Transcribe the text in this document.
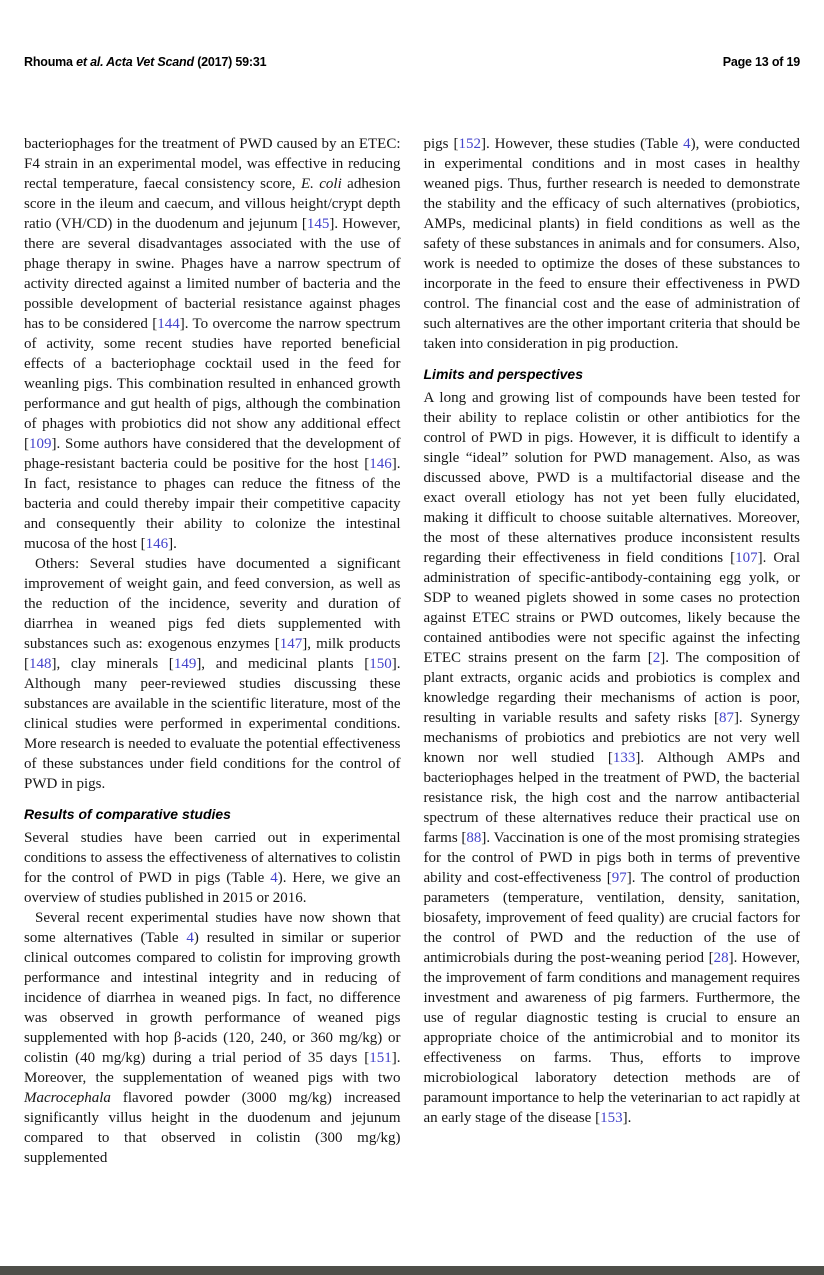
Rhouma et al. Acta Vet Scand (2017) 59:31	Page 13 of 19

bacteriophages for the treatment of PWD caused by an ETEC: F4 strain in an experimental model, was effective in reducing rectal temperature, faecal consistency score, E. coli adhesion score in the ileum and caecum, and villous height/crypt depth ratio (VH/CD) in the duodenum and jejunum [145]. However, there are several disadvantages associated with the use of phage therapy in swine. Phages have a narrow spectrum of activity directed against a limited number of bacteria and the possible development of bacterial resistance against phages has to be considered [144]. To overcome the narrow spectrum of activity, some recent studies have reported beneficial effects of a bacteriophage cocktail used in the feed for weanling pigs. This combination resulted in enhanced growth performance and gut health of pigs, although the combination of phages with probiotics did not show any additional effect [109]. Some authors have considered that the development of phage-resistant bacteria could be positive for the host [146]. In fact, resistance to phages can reduce the fitness of the bacteria and could thereby impair their competitive capacity and consequently their ability to colonize the intestinal mucosa of the host [146].

Others: Several studies have documented a significant improvement of weight gain, and feed conversion, as well as the reduction of the incidence, severity and duration of diarrhea in weaned pigs fed diets supplemented with substances such as: exogenous enzymes [147], milk products [148], clay minerals [149], and medicinal plants [150]. Although many peer-reviewed studies discussing these substances are available in the scientific literature, most of the clinical studies were performed in experimental conditions. More research is needed to evaluate the potential effectiveness of these substances under field conditions for the control of PWD in pigs.

Results of comparative studies

Several studies have been carried out in experimental conditions to assess the effectiveness of alternatives to colistin for the control of PWD in pigs (Table 4). Here, we give an overview of studies published in 2015 or 2016.

Several recent experimental studies have now shown that some alternatives (Table 4) resulted in similar or superior clinical outcomes compared to colistin for improving growth performance and intestinal integrity and in reducing of incidence of diarrhea in weaned pigs. In fact, no difference was observed in growth performance of weaned pigs supplemented with hop β-acids (120, 240, or 360 mg/kg) or colistin (40 mg/kg) during a trial period of 35 days [151]. Moreover, the supplementation of weaned pigs with two Macrocephala flavored powder (3000 mg/kg) increased significantly villus height in the duodenum and jejunum compared to that observed in colistin (300 mg/kg) supplemented

pigs [152]. However, these studies (Table 4), were conducted in experimental conditions and in most cases in healthy weaned pigs. Thus, further research is needed to demonstrate the stability and the efficacy of such alternatives (probiotics, AMPs, medicinal plants) in field conditions as well as the safety of these substances in animals and for consumers. Also, work is needed to optimize the doses of these substances to incorporate in the feed to ensure their effectiveness in PWD control. The financial cost and the ease of administration of such alternatives are the other important criteria that should be taken into consideration in pig production.

Limits and perspectives

A long and growing list of compounds have been tested for their ability to replace colistin or other antibiotics for the control of PWD in pigs. However, it is difficult to identify a single “ideal” solution for PWD management. Also, as was discussed above, PWD is a multifactorial disease and the exact overall etiology has not yet been fully elucidated, making it difficult to choose suitable alternatives. Moreover, the most of these alternatives produce inconsistent results regarding their effectiveness in field conditions [107]. Oral administration of specific-antibody-containing egg yolk, or SDP to weaned piglets showed in some cases no protection against ETEC strains or PWD outcomes, likely because the contained antibodies were not specific against the infecting ETEC strains present on the farm [2]. The composition of plant extracts, organic acids and probiotics is complex and knowledge regarding their mechanisms of action is poor, resulting in variable results and safety risks [87]. Synergy mechanisms of probiotics and prebiotics are not very well known nor well studied [133]. Although AMPs and bacteriophages helped in the treatment of PWD, the bacterial resistance risk, the high cost and the narrow antibacterial spectrum of these alternatives reduce their practical use on farms [88]. Vaccination is one of the most promising strategies for the control of PWD in pigs both in terms of preventive ability and cost-effectiveness [97]. The control of production parameters (temperature, ventilation, density, sanitation, biosafety, improvement of feed quality) are crucial factors for the control of PWD and the reduction of the use of antimicrobials during the post-weaning period [28]. However, the improvement of farm conditions and management requires investment and awareness of pig farmers. Furthermore, the use of regular diagnostic testing is crucial to ensure an appropriate choice of the antimicrobial and to monitor its effectiveness on farms. Thus, efforts to improve microbiological laboratory detection methods are of paramount importance to help the veterinarian to act rapidly at an early stage of the disease [153].
